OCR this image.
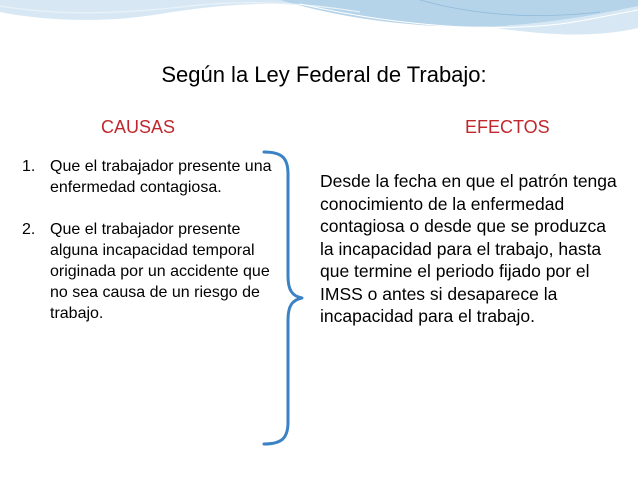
Según la Ley Federal de Trabajo:
CAUSAS	EFECTOS
1. Que el trabajador presente una enfermedad contagiosa.
2. Que el trabajador presente alguna incapacidad temporal originada por un accidente que no sea causa de un riesgo de trabajo.
Desde la fecha en que el patrón tenga conocimiento de la enfermedad contagiosa o desde que se produzca la incapacidad para el trabajo, hasta que termine el periodo fijado por el IMSS o antes si desaparece la incapacidad para el trabajo.
